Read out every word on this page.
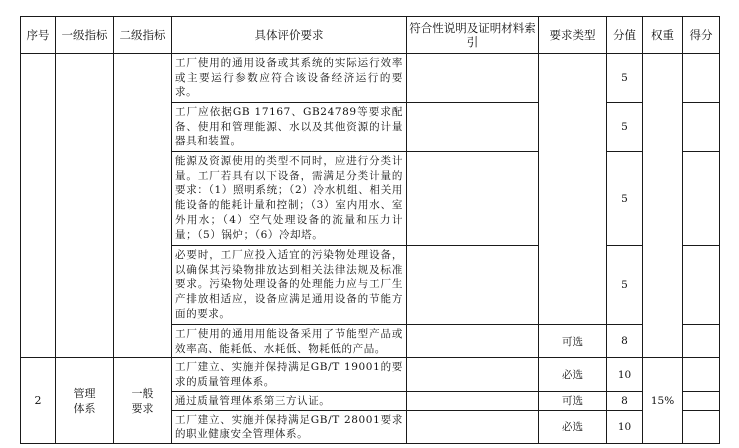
序号	一级指标	二级指标	具体评价要求	符合性说明及证明材料索引	要求类型	分值	权重	得分
			工厂使用的通用设备或其系统的实际运行效率或主要运行参数应符合该设备经济运行的要求。			5		
			工厂应依据GB 17167、GB24789等要求配备、使用和管理能源、水以及其他资源的计量器具和装置。			5		
			能源及资源使用的类型不同时，应进行分类计量。工厂若具有以下设备，需满足分类计量的要求：（1）照明系统；（2）冷水机组、相关用能设备的能耗计量和控制；（3）室内用水、室外用水；（4）空气处理设备的流量和压力计量；（5）锅炉；（6）冷却塔。			5		
			必要时，工厂应投入适宜的污染物处理设备，以确保其污染物排放达到相关法律法规及标准要求。污染物处理设备的处理能力应与工厂生产排放相适应，设备应满足通用设备的节能方面的要求。			5		
			工厂使用的通用用能设备采用了节能型产品或效率高、能耗低、水耗低、物耗低的产品。		可选	8		
2	管理体系	一般要求	工厂建立、实施并保持满足GB/T 19001的要求的质量管理体系。		必选	10	15%	
			通过质量管理体系第三方认证。		可选	8		
			工厂建立、实施并保持满足GB/T 28001要求的职业健康安全管理体系。		必选	10		
